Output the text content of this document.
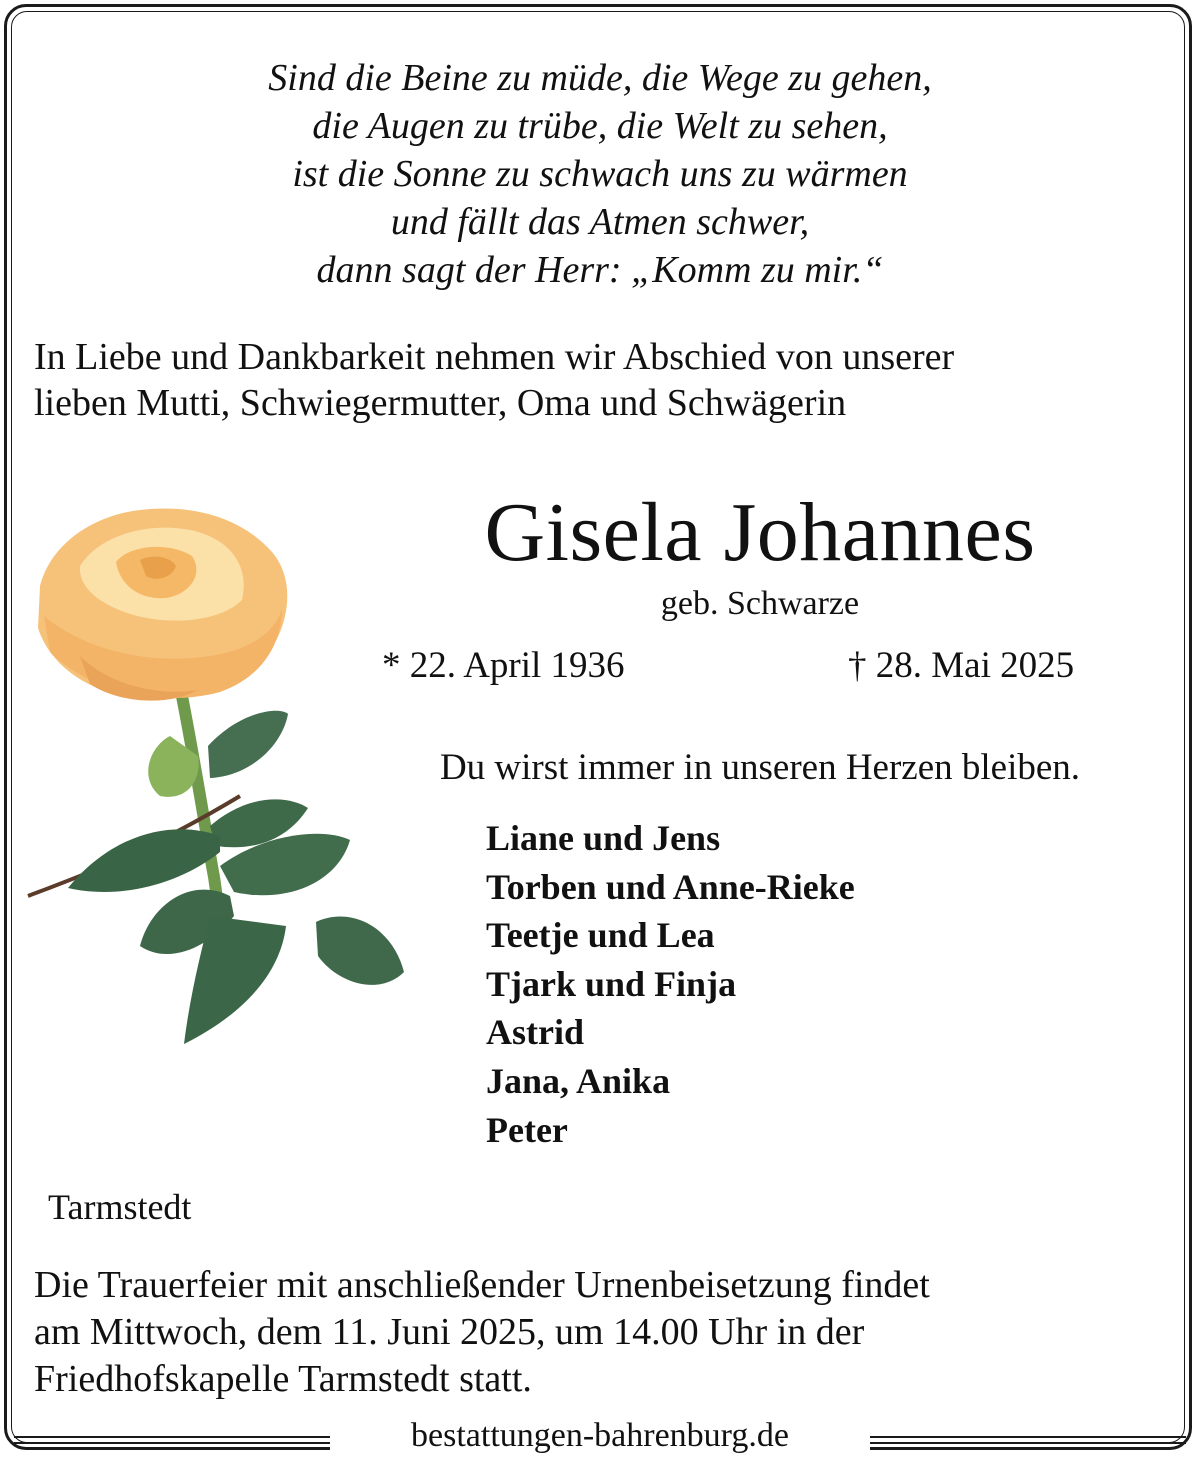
Sind die Beine zu müde, die Wege zu gehen,
die Augen zu trübe, die Welt zu sehen,
ist die Sonne zu schwach uns zu wärmen
und fällt das Atmen schwer,
dann sagt der Herr: „Komm zu mir.“
In Liebe und Dankbarkeit nehmen wir Abschied von unserer
lieben Mutti, Schwiegermutter, Oma und Schwägerin
Gisela Johannes
geb. Schwarze
* 22. April 1936	† 28. Mai 2025
Du wirst immer in unseren Herzen bleiben.
Liane und Jens
Torben und Anne-Rieke
Teetje und Lea
Tjark und Finja
Astrid
Jana, Anika
Peter
Tarmstedt
Die Trauerfeier mit anschließender Urnenbeisetzung findet
am Mittwoch, dem 11. Juni 2025, um 14.00 Uhr in der
Friedhofskapelle Tarmstedt statt.
bestattungen-bahrenburg.de
